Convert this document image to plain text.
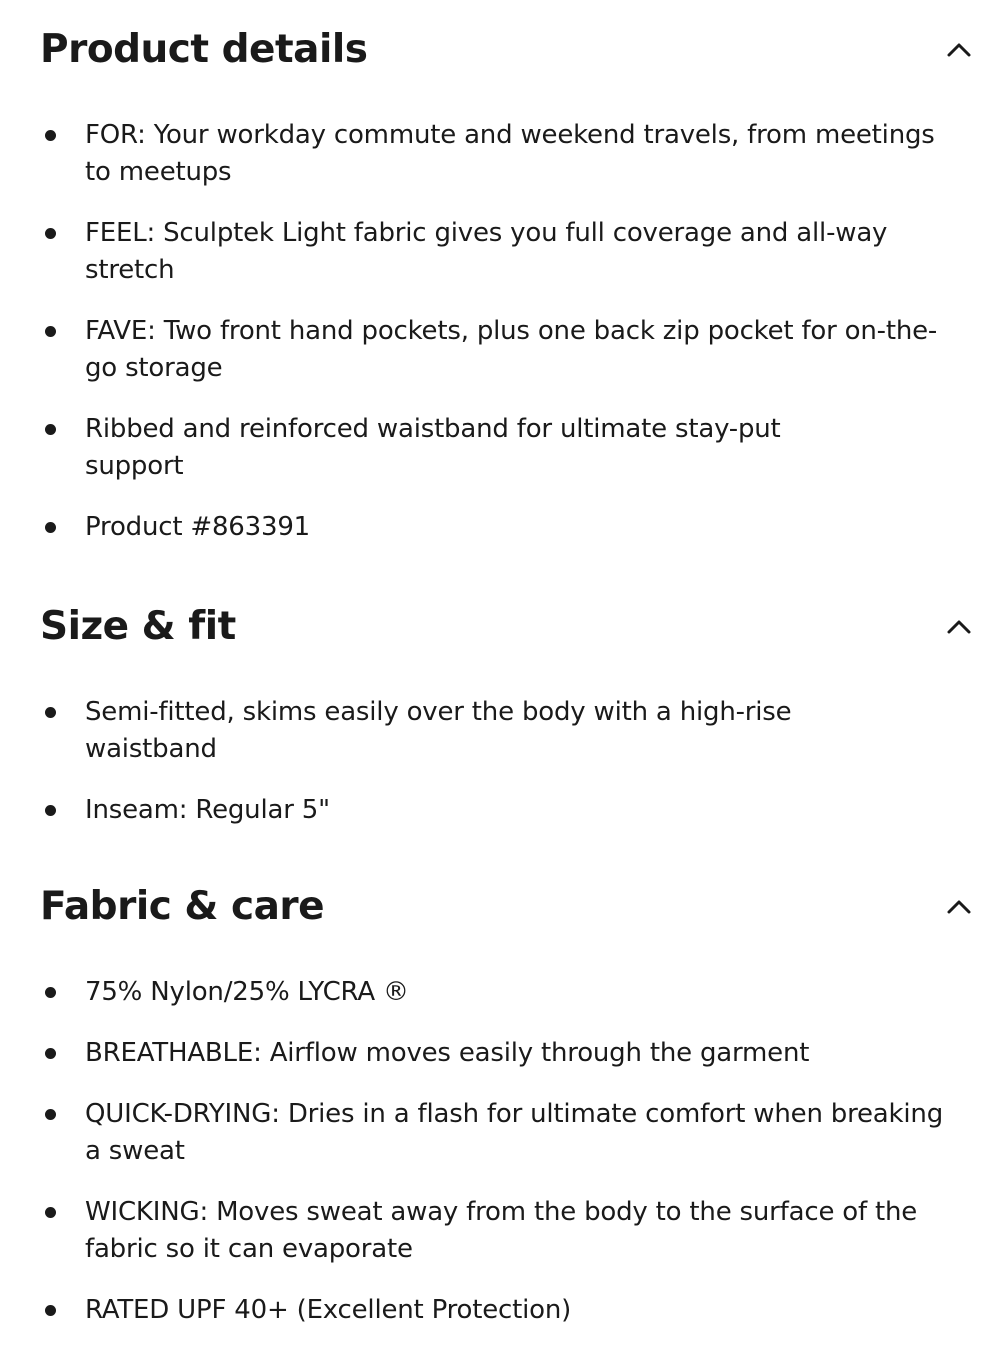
Product details
FOR: Your workday commute and weekend travels, from meetings to meetups
FEEL: Sculptek Light fabric gives you full coverage and all-way stretch
FAVE: Two front hand pockets, plus one back zip pocket for on-the-go storage
Ribbed and reinforced waistband for ultimate stay-put support
Product #863391
Size & fit
Semi-fitted, skims easily over the body with a high-rise waistband
Inseam: Regular 5"
Fabric & care
75% Nylon/25% LYCRA ®
BREATHABLE: Airflow moves easily through the garment
QUICK-DRYING: Dries in a flash for ultimate comfort when breaking a sweat
WICKING: Moves sweat away from the body to the surface of the fabric so it can evaporate
RATED UPF 40+ (Excellent Protection)
